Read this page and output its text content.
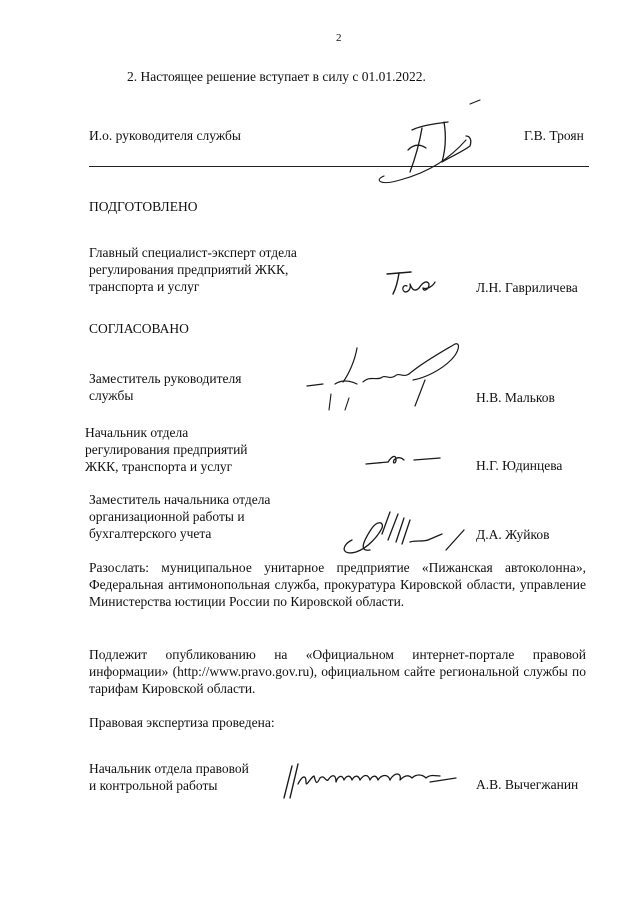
2
2. Настоящее решение вступает в силу с 01.01.2022.
И.о. руководителя службы	Г.В. Троян
ПОДГОТОВЛЕНО
Главный специалист-эксперт отдела
регулирования предприятий ЖКК,
транспорта и услуг	Л.Н. Гавриличева
СОГЛАСОВАНО
Заместитель руководителя
службы	Н.В. Мальков
Начальник отдела
регулирования предприятий
ЖКК, транспорта и услуг	Н.Г. Юдинцева
Заместитель начальника отдела
организационной работы и
бухгалтерского учета	Д.А. Жуйков
Разослать: муниципальное унитарное предприятие «Пижанская автоколонна», Федеральная антимонопольная служба, прокуратура Кировской области, управление Министерства юстиции России по Кировской области.
Подлежит опубликованию на «Официальном интернет-портале правовой информации» (http://www.pravo.gov.ru), официальном сайте региональной службы по тарифам Кировской области.
Правовая экспертиза проведена:
Начальник отдела правовой
и контрольной работы	А.В. Вычегжанин
